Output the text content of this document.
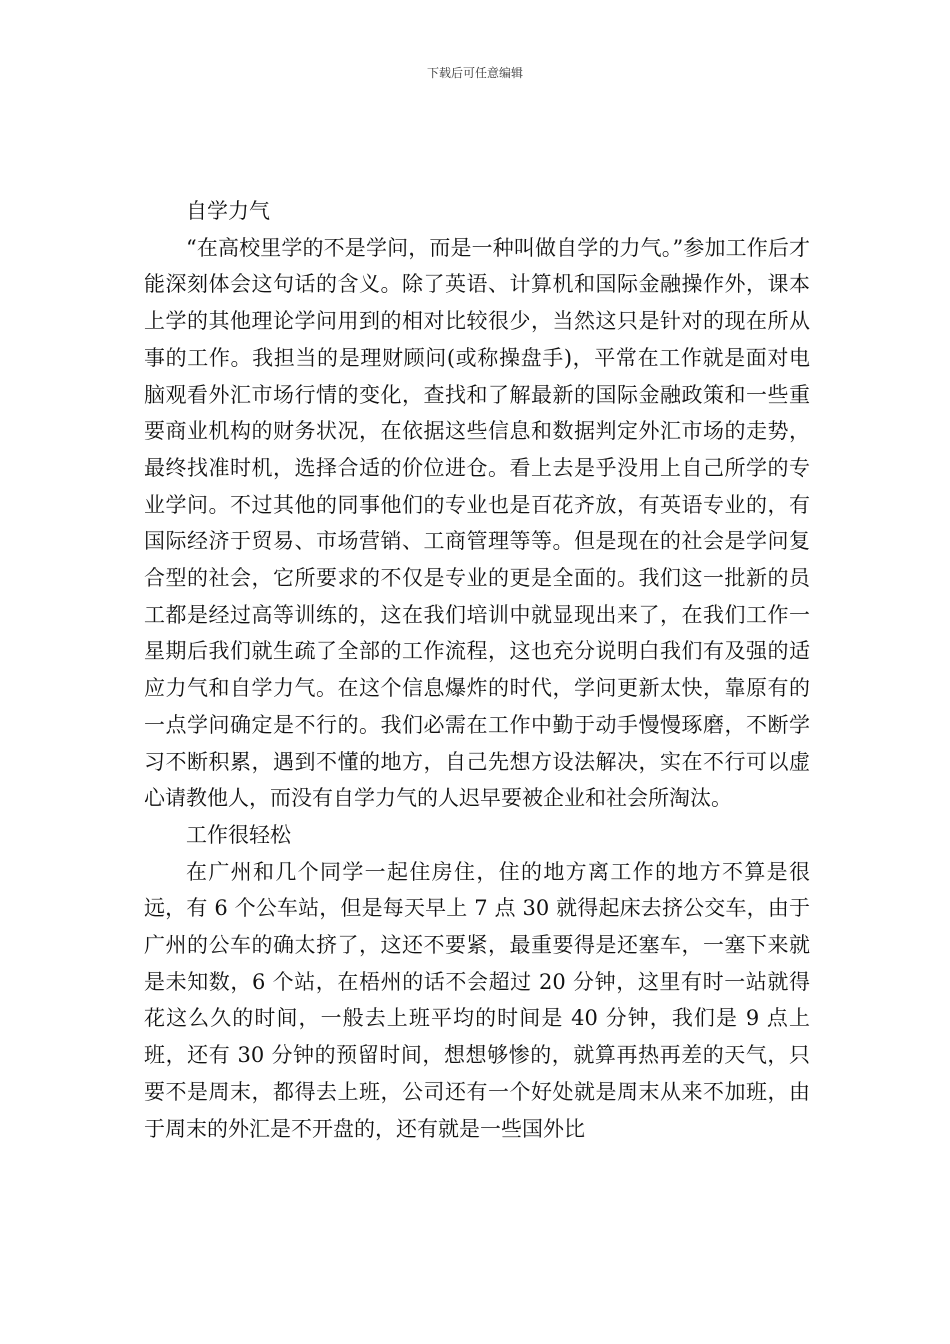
下载后可任意编辑
自学力气

“在高校里学的不是学问，而是一种叫做自学的力气。”参加工作后才能深刻体会这句话的含义。除了英语、计算机和国际金融操作外，课本上学的其他理论学问用到的相对比较很少，当然这只是针对的现在所从事的工作。我担当的是理财顾问(或称操盘手)，平常在工作就是面对电脑观看外汇市场行情的变化，查找和了解最新的国际金融政策和一些重要商业机构的财务状况，在依据这些信息和数据判定外汇市场的走势，最终找准时机，选择合适的价位进仓。看上去是乎没用上自己所学的专业学问。不过其他的同事他们的专业也是百花齐放，有英语专业的，有国际经济于贸易、市场营销、工商管理等等。但是现在的社会是学问复合型的社会，它所要求的不仅是专业的更是全面的。我们这一批新的员工都是经过高等训练的，这在我们培训中就显现出来了，在我们工作一星期后我们就生疏了全部的工作流程，这也充分说明白我们有及强的适应力气和自学力气。在这个信息爆炸的时代，学问更新太快，靠原有的一点学问确定是不行的。我们必需在工作中勤于动手慢慢琢磨，不断学习不断积累，遇到不懂的地方，自己先想方设法解决，实在不行可以虚心请教他人，而没有自学力气的人迟早要被企业和社会所淘汰。

工作很轻松

在广州和几个同学一起住房住，住的地方离工作的地方不算是很远，有 6 个公车站，但是每天早上 7 点 30 就得起床去挤公交车，由于广州的公车的确太挤了，这还不要紧，最重要得是还塞车，一塞下来就是未知数，6 个站，在梧州的话不会超过 20 分钟，这里有时一站就得花这么久的时间，一般去上班平均的时间是 40 分钟，我们是 9 点上班，还有 30 分钟的预留时间，想想够惨的，就算再热再差的天气，只要不是周末，都得去上班，公司还有一个好处就是周末从来不加班，由于周末的外汇是不开盘的，还有就是一些国外比
